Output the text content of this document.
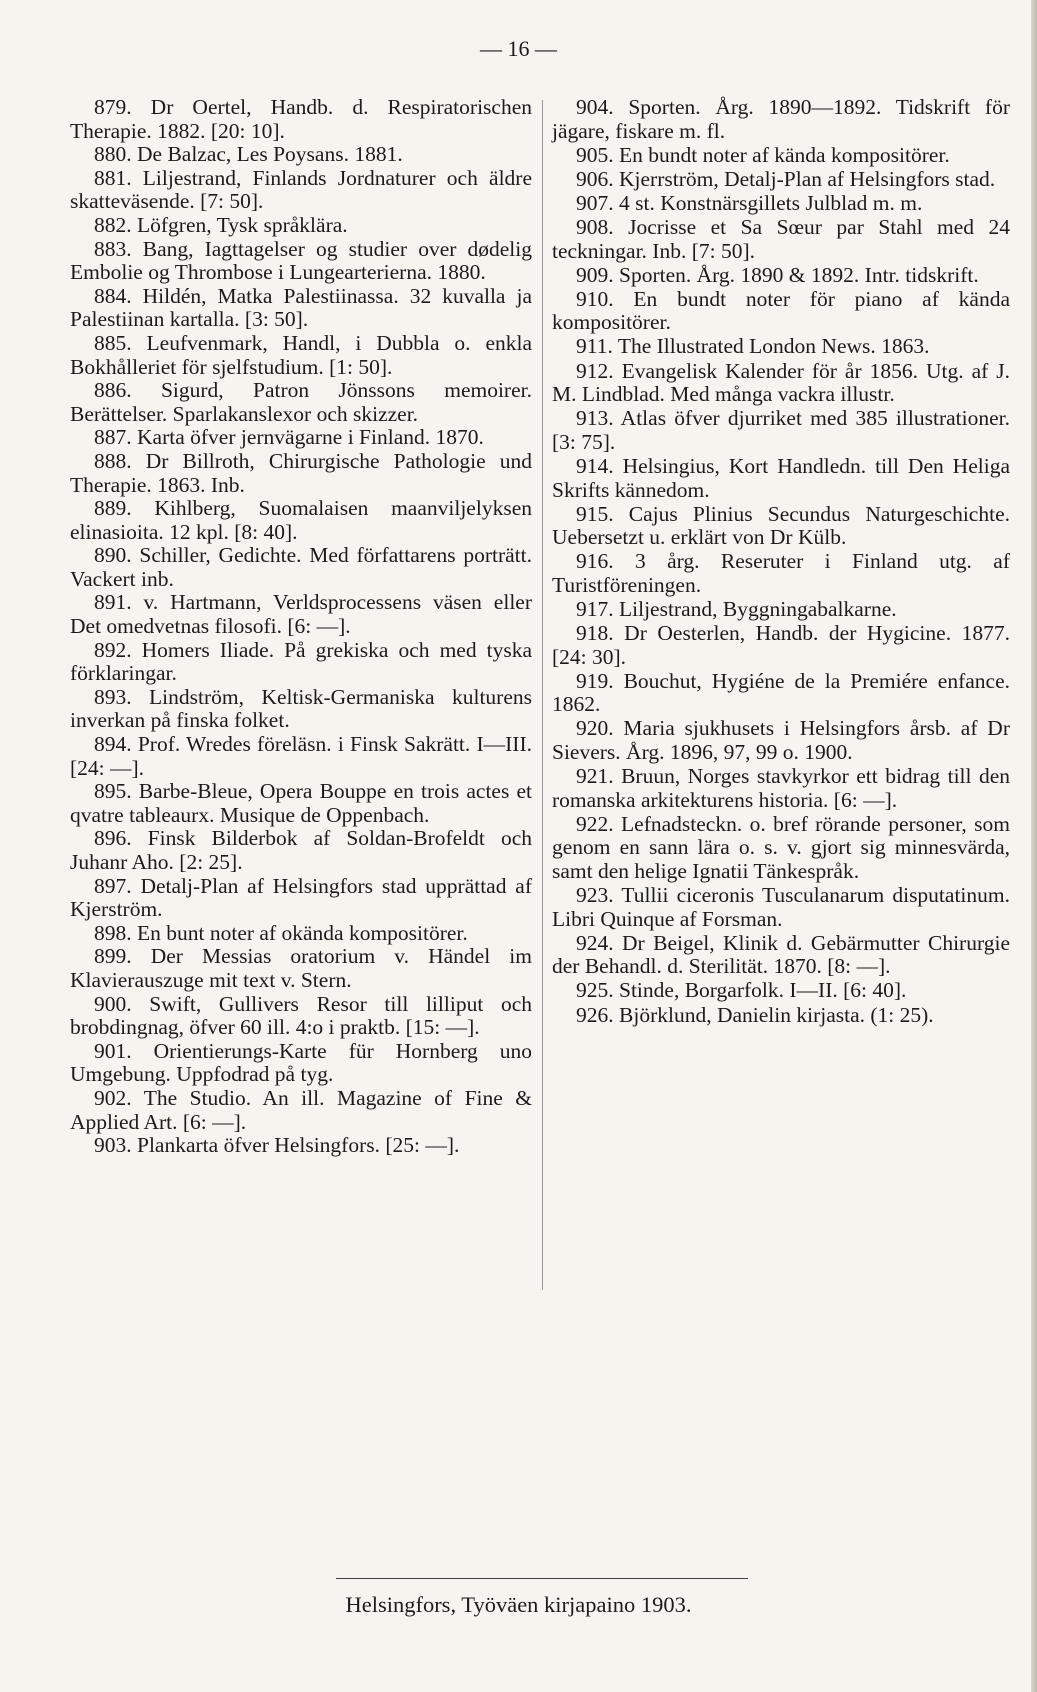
— 16 —

879. Dr Oertel, Handb. d. Respiratorischen Therapie. 1882. [20: 10].

880. De Balzac, Les Poysans. 1881.

881. Liljestrand, Finlands Jordnaturer och äldre skatteväsende. [7: 50].

882. Löfgren, Tysk språklära.

883. Bang, Iagttagelser og studier over dødelig Embolie og Thrombose i Lungearterierna. 1880.

884. Hildén, Matka Palestiinassa. 32 kuvalla ja Palestiinan kartalla. [3: 50].

885. Leufvenmark, Handl, i Dubbla o. enkla Bokhålleriet för sjelfstudium. [1: 50].

886. Sigurd, Patron Jönssons memoirer. Berättelser. Sparlakanslexor och skizzer.

887. Karta öfver jernvägarne i Finland. 1870.

888. Dr Billroth, Chirurgische Pathologie und Therapie. 1863. Inb.

889. Kihlberg, Suomalaisen maanviljelyksen elinasioita. 12 kpl. [8: 40].

890. Schiller, Gedichte. Med författarens porträtt. Vackert inb.

891. v. Hartmann, Verldsprocessens väsen eller Det omedvetnas filosofi. [6: —].

892. Homers Iliade. På grekiska och med tyska förklaringar.

893. Lindström, Keltisk-Germaniska kulturens inverkan på finska folket.

894. Prof. Wredes föreläsn. i Finsk Sakrätt. I—III. [24: —].

895. Barbe-Bleue, Opera Bouppe en trois actes et qvatre tableaurx. Musique de Oppenbach.

896. Finsk Bilderbok af Soldan-Brofeldt och Juhanr Aho. [2: 25].

897. Detalj-Plan af Helsingfors stad upprättad af Kjerström.

898. En bunt noter af okända kompositörer.

899. Der Messias oratorium v. Händel im Klavierauszuge mit text v. Stern.

900. Swift, Gullivers Resor till lilliput och brobdingnag, öfver 60 ill. 4:o i praktb. [15: —].

901. Orientierungs-Karte für Hornberg uno Umgebung. Uppfodrad på tyg.

902. The Studio. An ill. Magazine of Fine & Applied Art. [6: —].

903. Plankarta öfver Helsingfors. [25: —].

904. Sporten. Årg. 1890—1892. Tidskrift för jägare, fiskare m. fl.

905. En bundt noter af kända kompositörer.

906. Kjerrström, Detalj-Plan af Helsingfors stad.

907. 4 st. Konstnärsgillets Julblad m. m.

908. Jocrisse et Sa Sœur par Stahl med 24 teckningar. Inb. [7: 50].

909. Sporten. Årg. 1890 & 1892. Intr. tidskrift.

910. En bundt noter för piano af kända kompositörer.

911. The Illustrated London News. 1863.

912. Evangelisk Kalender för år 1856. Utg. af J. M. Lindblad. Med många vackra illustr.

913. Atlas öfver djurriket med 385 illustrationer. [3: 75].

914. Helsingius, Kort Handledn. till Den Heliga Skrifts kännedom.

915. Cajus Plinius Secundus Naturgeschichte. Uebersetzt u. erklärt von Dr Külb.

916. 3 årg. Reseruter i Finland utg. af Turistföreningen.

917. Liljestrand, Byggningabalkarne.

918. Dr Oesterlen, Handb. der Hygicine. 1877. [24: 30].

919. Bouchut, Hygiéne de la Premiére enfance. 1862.

920. Maria sjukhusets i Helsingfors årsb. af Dr Sievers. Årg. 1896, 97, 99 o. 1900.

921. Bruun, Norges stavkyrkor ett bidrag till den romanska arkitekturens historia. [6: —].

922. Lefnadsteckn. o. bref rörande personer, som genom en sann lära o. s. v. gjort sig minnesvärda, samt den helige Ignatii Tänkespråk.

923. Tullii ciceronis Tusculanarum disputatinum. Libri Quinque af Forsman.

924. Dr Beigel, Klinik d. Gebärmutter Chirurgie der Behandl. d. Sterilität. 1870. [8: —].

925. Stinde, Borgarfolk. I—II. [6: 40].

926. Björklund, Danielin kirjasta. (1: 25).

Helsingfors, Työväen kirjapaino 1903.
